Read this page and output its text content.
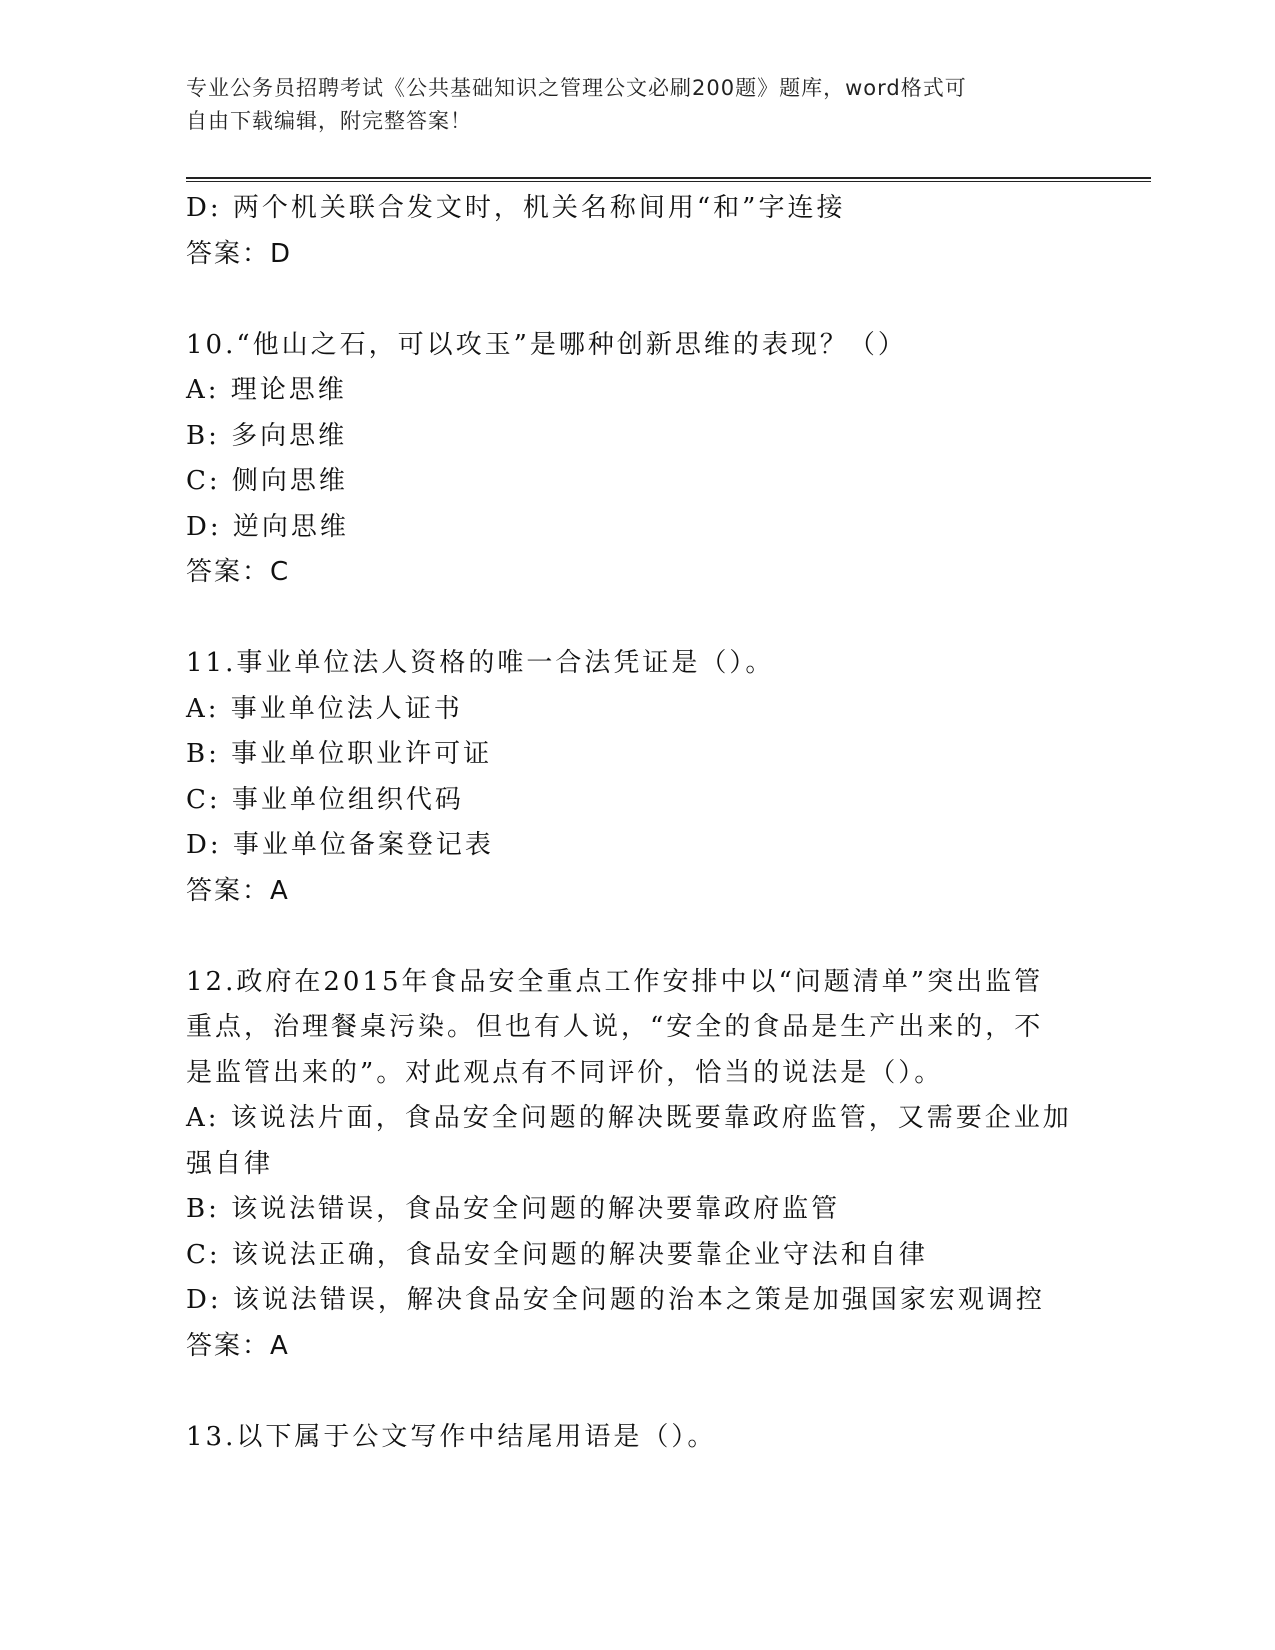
专业公务员招聘考试《公共基础知识之管理公文必刷200题》题库，word格式可
自由下载编辑，附完整答案！
D: 两个机关联合发文时，机关名称间用“和”字连接
答案：D
10.“他山之石，可以攻玉”是哪种创新思维的表现？（）
A: 理论思维
B: 多向思维
C: 侧向思维
D: 逆向思维
答案：C
11.事业单位法人资格的唯一合法凭证是（）。
A: 事业单位法人证书
B: 事业单位职业许可证
C: 事业单位组织代码
D: 事业单位备案登记表
答案：A
12.政府在2015年食品安全重点工作安排中以“问题清单”突出监管
重点，治理餐桌污染。但也有人说，“安全的食品是生产出来的，不
是监管出来的”。对此观点有不同评价，恰当的说法是（）。
A: 该说法片面，食品安全问题的解决既要靠政府监管，又需要企业加
强自律
B: 该说法错误，食品安全问题的解决要靠政府监管
C: 该说法正确，食品安全问题的解决要靠企业守法和自律
D: 该说法错误，解决食品安全问题的治本之策是加强国家宏观调控
答案：A
13.以下属于公文写作中结尾用语是（）。
